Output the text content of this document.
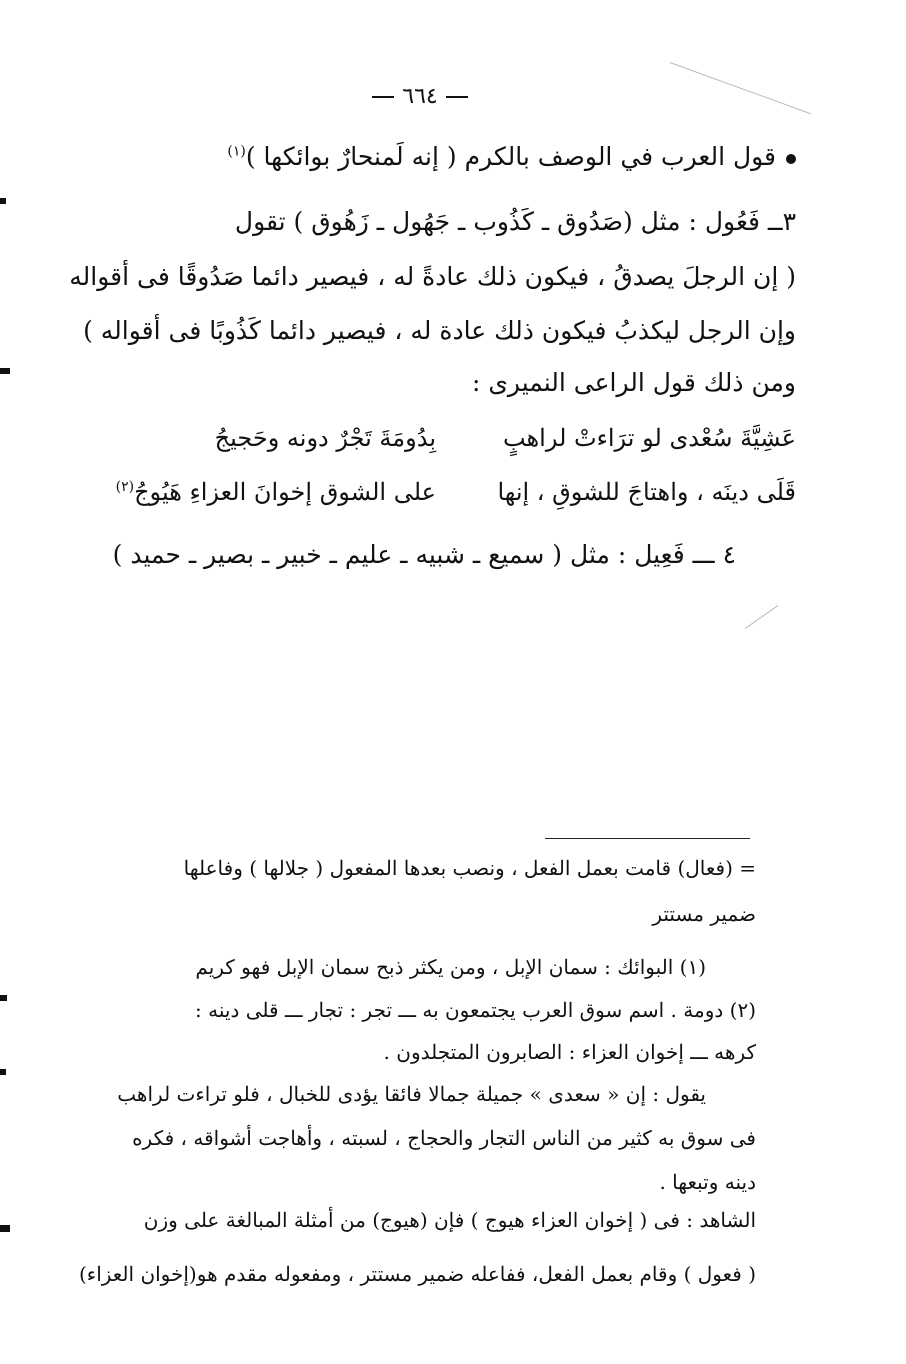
٦٦٤
قول العرب في الوصف بالكرم ( إنه لَمنحارٌ بوائكها )$^{(١)}$
٣ــ فَعُول : مثل (صَدُوق ـ كَذُوب ـ جَهُول ـ زَهُوق ) تقول
( إن الرجلَ يصدقُ ، فيكون ذلك عادةً له ، فيصير دائما صَدُوقًا فى أقواله
وإن الرجل ليكذبُ فيكون ذلك عادة له ، فيصير دائما كَذُوبًا فى أقواله )
ومن ذلك قول الراعى النميرى :
عَشِيَّةَ سُعْدى لو ترَاءتْ لراهبٍ
بِدُومَةَ تَجْرٌ دونه وحَجيجُ
قَلَى دينَه ، واهتاجَ للشوقِ ، إنها
على الشوق إخوانَ العزاءِ هَيُوجُ$^{(٢)}$
٤ ـــ فَعِيل : مثل ( سميع ـ شبيه ـ عليم ـ خبير ـ بصير ـ حميد )
= (فعال) قامت بعمل الفعل ، ونصب بعدها المفعول ( جلالها ) وفاعلها
ضمير مستتر
(١) البوائك : سمان الإبل ، ومن يكثر ذبح سمان الإبل فهو كريم
(٢) دومة . اسم سوق العرب يجتمعون به ـــ تجر : تجار ـــ قلى دينه :
كرهه ـــ إخوان العزاء : الصابرون المتجلدون .
يقول : إن « سعدى » جميلة جمالا فائقا يؤدى للخبال ، فلو تراءت لراهب
فى سوق به كثير من الناس التجار والحجاج ، لسبته ، وأهاجت أشواقه ، فكره
دينه وتبعها .
الشاهد : فى ( إخوان العزاء هيوج ) فإن (هيوج) من أمثلة المبالغة على وزن
( فعول ) وقام بعمل الفعل، ففاعله ضمير مستتر ، ومفعوله مقدم هو(إخوان العزاء)
